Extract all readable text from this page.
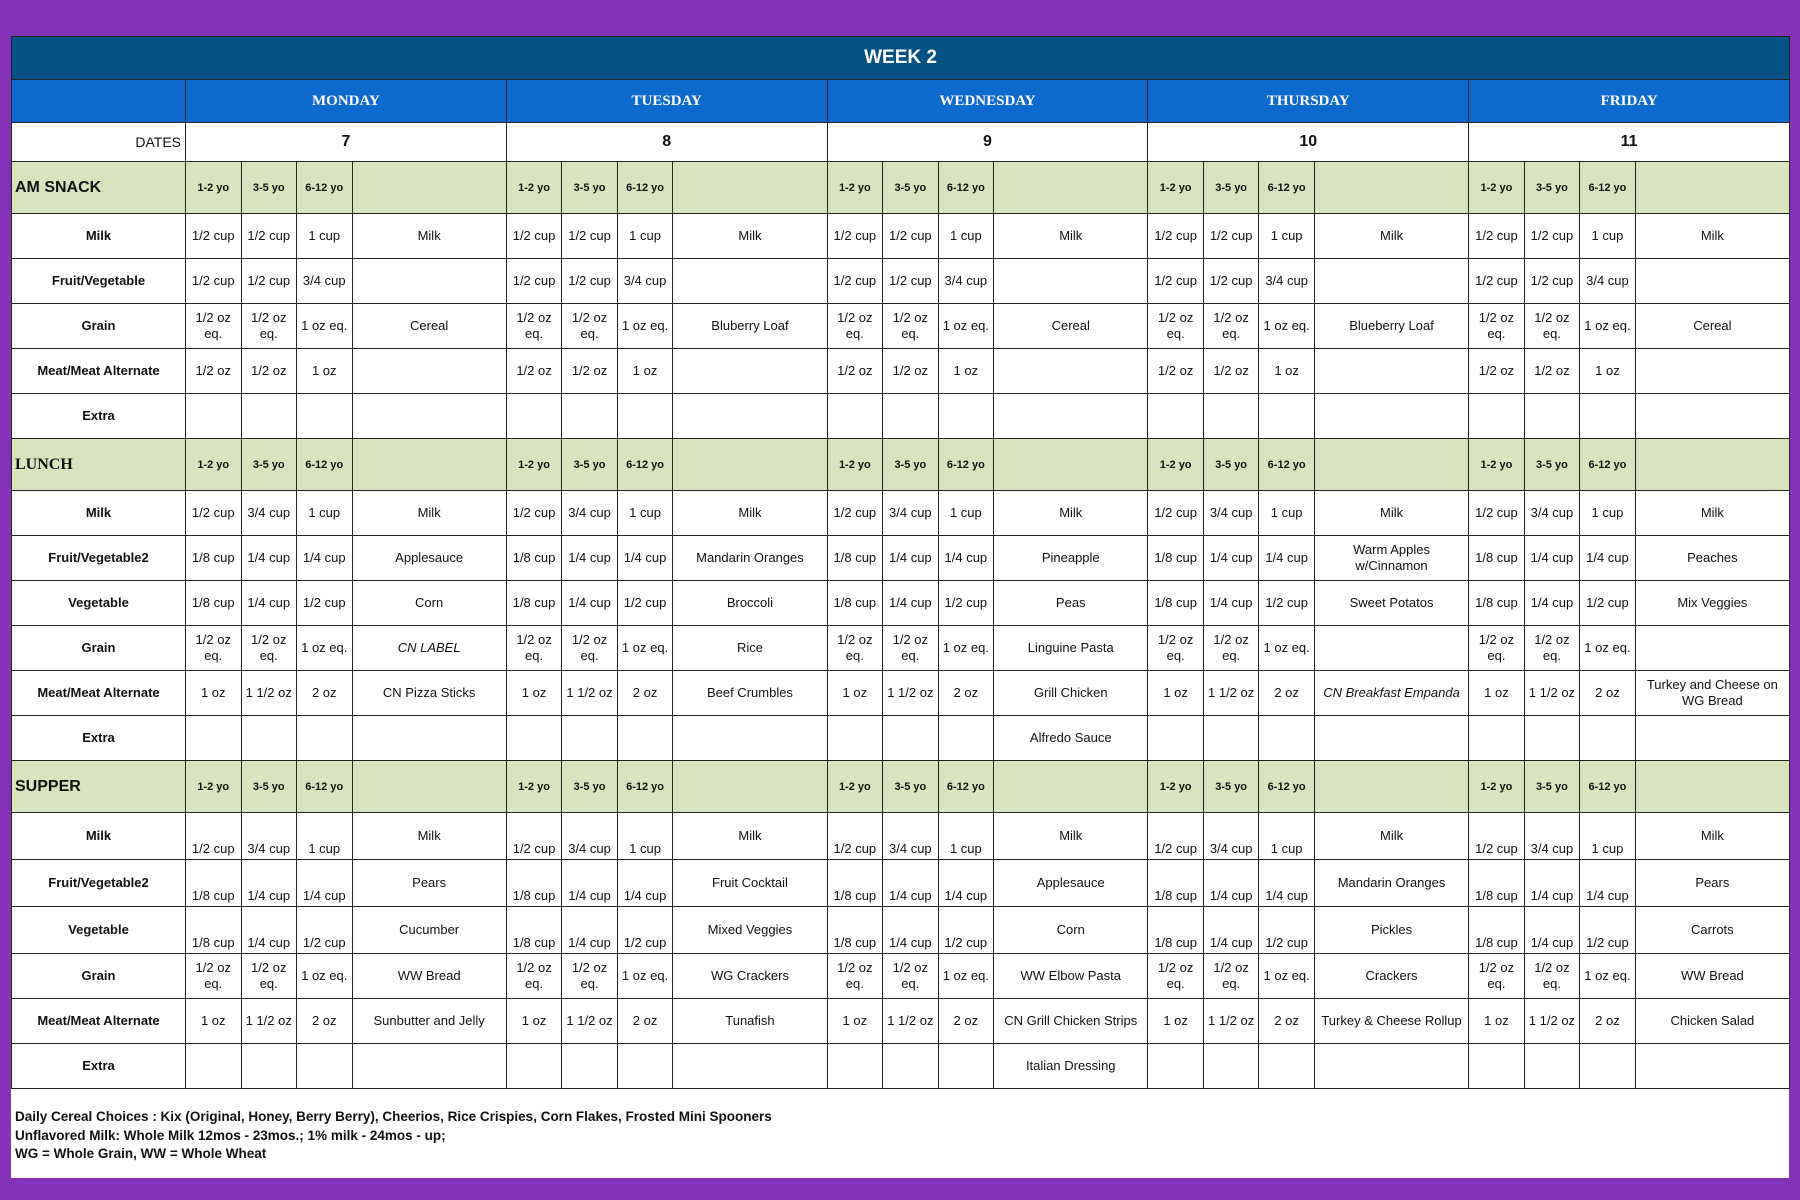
WEEK 2																				
	MONDAY				TUESDAY				WEDNESDAY				THURSDAY				FRIDAY			
DATES	7				8				9				10				11			
AM SNACK	1-2 yo	3-5 yo	6-12 yo		1-2 yo	3-5 yo	6-12 yo		1-2 yo	3-5 yo	6-12 yo		1-2 yo	3-5 yo	6-12 yo		1-2 yo	3-5 yo	6-12 yo	
Milk	1/2 cup	1/2 cup	1 cup	Milk	1/2 cup	1/2 cup	1 cup	Milk	1/2 cup	1/2 cup	1 cup	Milk	1/2 cup	1/2 cup	1 cup	Milk	1/2 cup	1/2 cup	1 cup	Milk
Fruit/Vegetable	1/2 cup	1/2 cup	3/4 cup		1/2 cup	1/2 cup	3/4 cup		1/2 cup	1/2 cup	3/4 cup		1/2 cup	1/2 cup	3/4 cup		1/2 cup	1/2 cup	3/4 cup	
Grain	1/2 oz eq.	1/2 oz eq.	1 oz eq.	Cereal	1/2 oz eq.	1/2 oz eq.	1 oz eq.	Bluberry Loaf	1/2 oz eq.	1/2 oz eq.	1 oz eq.	Cereal	1/2 oz eq.	1/2 oz eq.	1 oz eq.	Blueberry Loaf	1/2 oz eq.	1/2 oz eq.	1 oz eq.	Cereal
Meat/Meat Alternate	1/2 oz	1/2 oz	1 oz		1/2 oz	1/2 oz	1 oz		1/2 oz	1/2 oz	1 oz		1/2 oz	1/2 oz	1 oz		1/2 oz	1/2 oz	1 oz	
Extra																				
LUNCH	1-2 yo	3-5 yo	6-12 yo		1-2 yo	3-5 yo	6-12 yo		1-2 yo	3-5 yo	6-12 yo		1-2 yo	3-5 yo	6-12 yo		1-2 yo	3-5 yo	6-12 yo	
Milk	1/2 cup	3/4 cup	1 cup	Milk	1/2 cup	3/4 cup	1 cup	Milk	1/2 cup	3/4 cup	1 cup	Milk	1/2 cup	3/4 cup	1 cup	Milk	1/2 cup	3/4 cup	1 cup	Milk
Fruit/Vegetable2	1/8 cup	1/4 cup	1/4 cup	Applesauce	1/8 cup	1/4 cup	1/4 cup	Mandarin Oranges	1/8 cup	1/4 cup	1/4 cup	Pineapple	1/8 cup	1/4 cup	1/4 cup	Warm Apples w/Cinnamon	1/8 cup	1/4 cup	1/4 cup	Peaches
Vegetable	1/8 cup	1/4 cup	1/2 cup	Corn	1/8 cup	1/4 cup	1/2 cup	Broccoli	1/8 cup	1/4 cup	1/2 cup	Peas	1/8 cup	1/4 cup	1/2 cup	Sweet Potatos	1/8 cup	1/4 cup	1/2 cup	Mix Veggies
Grain	1/2 oz eq.	1/2 oz eq.	1 oz eq.	CN LABEL	1/2 oz eq.	1/2 oz eq.	1 oz eq.	Rice	1/2 oz eq.	1/2 oz eq.	1 oz eq.	Linguine Pasta	1/2 oz eq.	1/2 oz eq.	1 oz eq.		1/2 oz eq.	1/2 oz eq.	1 oz eq.	
Meat/Meat Alternate	1 oz	1 1/2 oz	2 oz	CN Pizza Sticks	1 oz	1 1/2 oz	2 oz	Beef Crumbles	1 oz	1 1/2 oz	2 oz	Grill Chicken	1 oz	1 1/2 oz	2 oz	CN Breakfast Empanda	1 oz	1 1/2 oz	2 oz	Turkey and Cheese on WG Bread
Extra												Alfredo Sauce								
SUPPER	1-2 yo	3-5 yo	6-12 yo		1-2 yo	3-5 yo	6-12 yo		1-2 yo	3-5 yo	6-12 yo		1-2 yo	3-5 yo	6-12 yo		1-2 yo	3-5 yo	6-12 yo	
Milk	1/2 cup	3/4 cup	1 cup	Milk	1/2 cup	3/4 cup	1 cup	Milk	1/2 cup	3/4 cup	1 cup	Milk	1/2 cup	3/4 cup	1 cup	Milk	1/2 cup	3/4 cup	1 cup	Milk
Fruit/Vegetable2	1/8 cup	1/4 cup	1/4 cup	Pears	1/8 cup	1/4 cup	1/4 cup	Fruit Cocktail	1/8 cup	1/4 cup	1/4 cup	Applesauce	1/8 cup	1/4 cup	1/4 cup	Mandarin Oranges	1/8 cup	1/4 cup	1/4 cup	Pears
Vegetable	1/8 cup	1/4 cup	1/2 cup	Cucumber	1/8 cup	1/4 cup	1/2 cup	Mixed Veggies	1/8 cup	1/4 cup	1/2 cup	Corn	1/8 cup	1/4 cup	1/2 cup	Pickles	1/8 cup	1/4 cup	1/2 cup	Carrots
Grain	1/2 oz eq.	1/2 oz eq.	1 oz eq.	WW Bread	1/2 oz eq.	1/2 oz eq.	1 oz eq.	WG Crackers	1/2 oz eq.	1/2 oz eq.	1 oz eq.	WW Elbow Pasta	1/2 oz eq.	1/2 oz eq.	1 oz eq.	Crackers	1/2 oz eq.	1/2 oz eq.	1 oz eq.	WW Bread
Meat/Meat Alternate	1 oz	1 1/2 oz	2 oz	Sunbutter and Jelly	1 oz	1 1/2 oz	2 oz	Tunafish	1 oz	1 1/2 oz	2 oz	CN Grill Chicken Strips	1 oz	1 1/2 oz	2 oz	Turkey & Cheese Rollup	1 oz	1 1/2 oz	2 oz	Chicken Salad
Extra												Italian Dressing								
Daily Cereal Choices : Kix (Original, Honey, Berry Berry), Cheerios, Rice Crispies, Corn Flakes, Frosted Mini Spooners
Unflavored Milk: Whole Milk 12mos - 23mos.; 1% milk - 24mos - up;
WG = Whole Grain, WW = Whole Wheat
